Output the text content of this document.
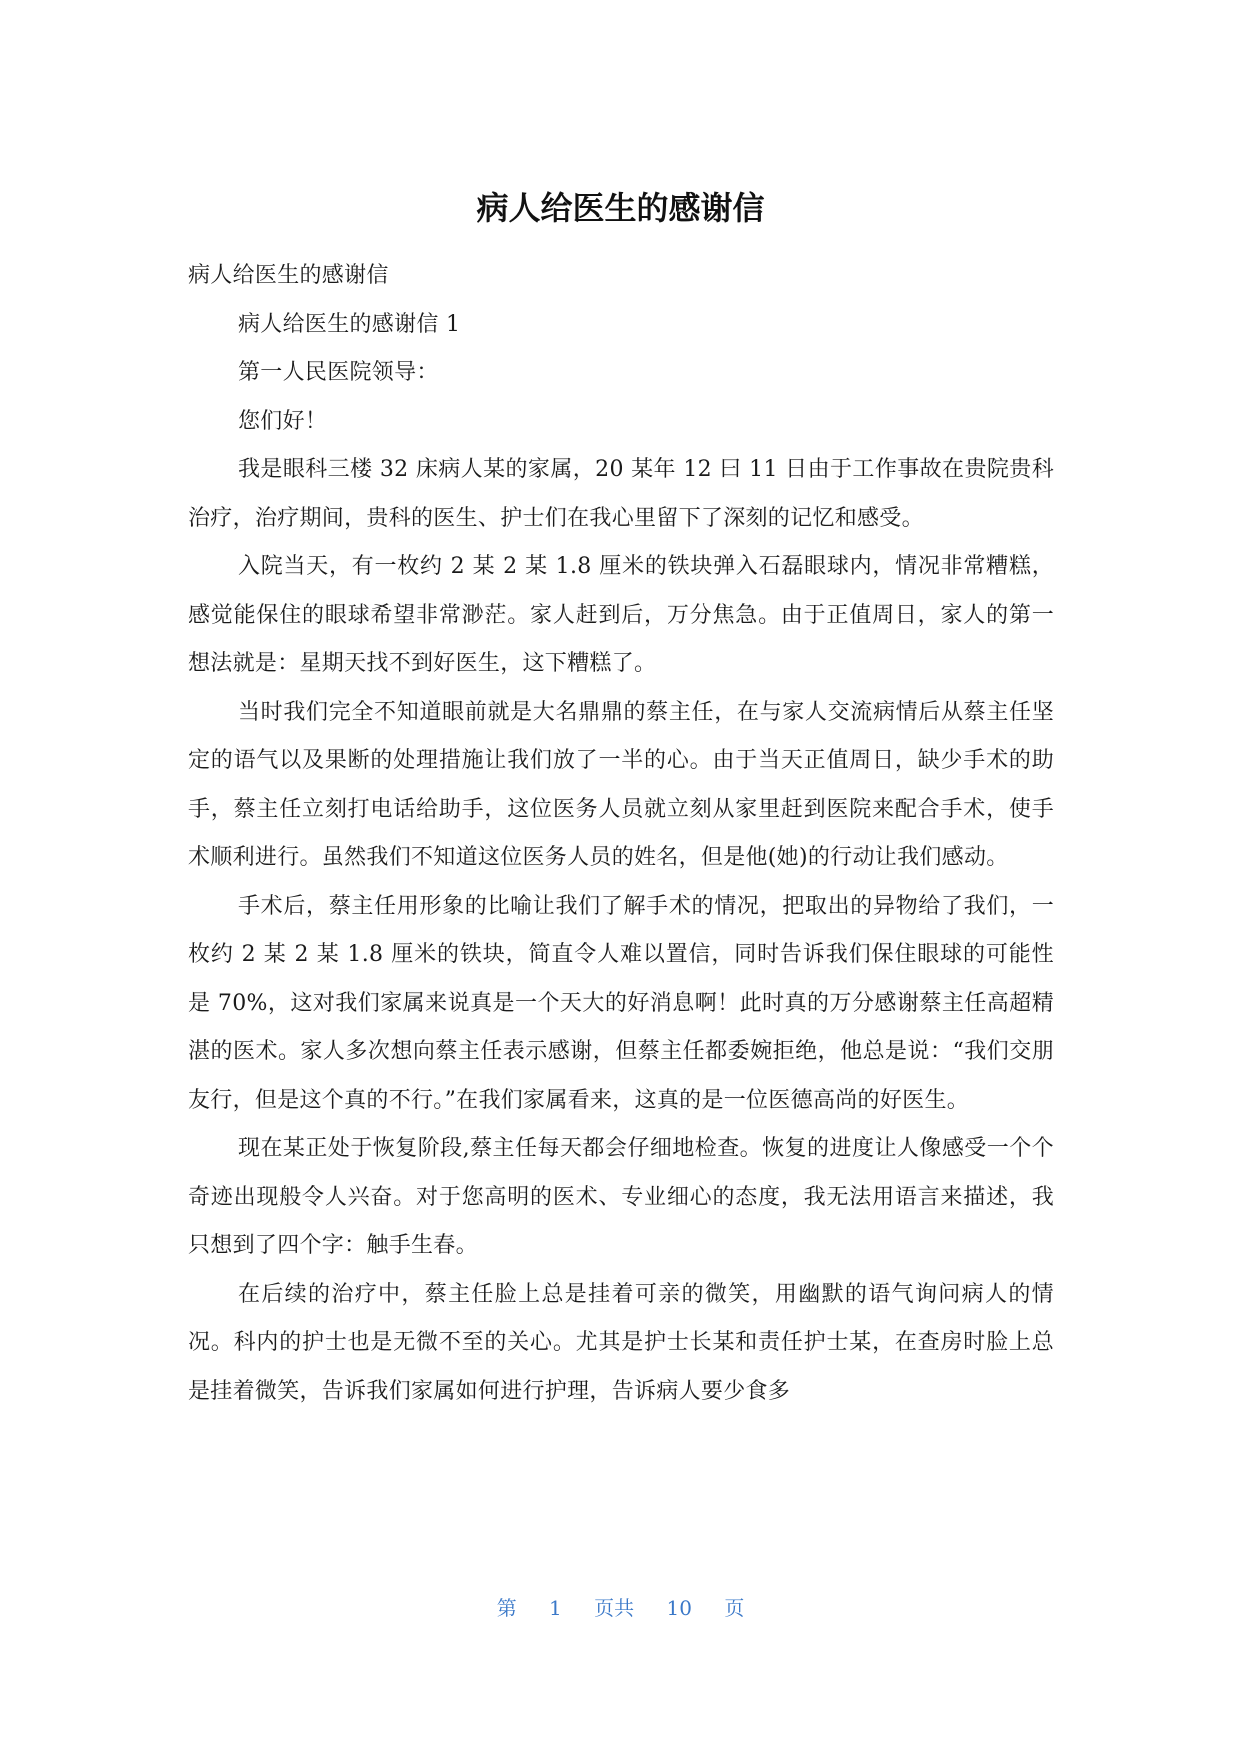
病人给医生的感谢信

病人给医生的感谢信

病人给医生的感谢信 1

第一人民医院领导：

您们好！

我是眼科三楼 32 床病人某的家属，20 某年 12 曰 11 日由于工作事故在贵院贵科治疗，治疗期间，贵科的医生、护士们在我心里留下了深刻的记忆和感受。

入院当天，有一枚约 2 某 2 某 1.8 厘米的铁块弹入石磊眼球内，情况非常糟糕，感觉能保住的眼球希望非常渺茫。家人赶到后，万分焦急。由于正值周日，家人的第一想法就是：星期天找不到好医生，这下糟糕了。

当时我们完全不知道眼前就是大名鼎鼎的蔡主任，在与家人交流病情后从蔡主任坚定的语气以及果断的处理措施让我们放了一半的心。由于当天正值周日，缺少手术的助手，蔡主任立刻打电话给助手，这位医务人员就立刻从家里赶到医院来配合手术，使手术顺利进行。虽然我们不知道这位医务人员的姓名，但是他(她)的行动让我们感动。

手术后，蔡主任用形象的比喻让我们了解手术的情况，把取出的异物给了我们，一枚约 2 某 2 某 1.8 厘米的铁块，简直令人难以置信，同时告诉我们保住眼球的可能性是 70%，这对我们家属来说真是一个天大的好消息啊！此时真的万分感谢蔡主任高超精湛的医术。家人多次想向蔡主任表示感谢，但蔡主任都委婉拒绝，他总是说：“我们交朋友行，但是这个真的不行。”在我们家属看来，这真的是一位医德高尚的好医生。

现在某正处于恢复阶段,蔡主任每天都会仔细地检查。恢复的进度让人像感受一个个奇迹出现般令人兴奋。对于您高明的医术、专业细心的态度，我无法用语言来描述，我只想到了四个字：触手生春。

在后续的治疗中，蔡主任脸上总是挂着可亲的微笑，用幽默的语气询问病人的情况。科内的护士也是无微不至的关心。尤其是护士长某和责任护士某，在查房时脸上总是挂着微笑，告诉我们家属如何进行护理，告诉病人要少食多

第 1 页共 10 页
